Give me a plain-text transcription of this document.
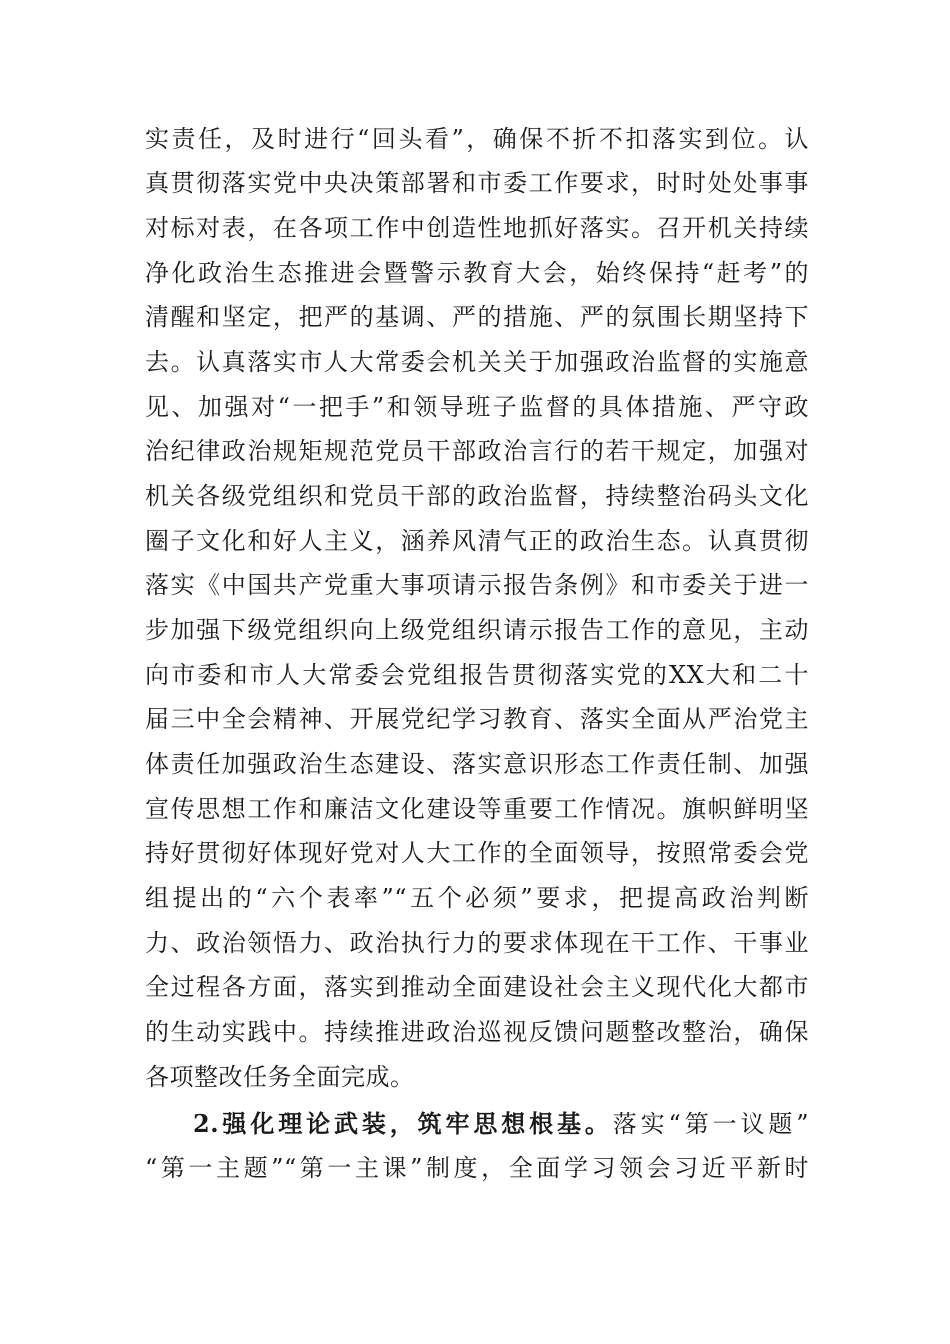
实责任，及时进行“回头看”，确保不折不扣落实到位。认
真贯彻落实党中央决策部署和市委工作要求，时时处处事事
对标对表，在各项工作中创造性地抓好落实。召开机关持续
净化政治生态推进会暨警示教育大会，始终保持“赶考”的
清醒和坚定，把严的基调、严的措施、严的氛围长期坚持下
去。认真落实市人大常委会机关关于加强政治监督的实施意
见、加强对“一把手”和领导班子监督的具体措施、严守政
治纪律政治规矩规范党员干部政治言行的若干规定，加强对
机关各级党组织和党员干部的政治监督，持续整治码头文化
圈子文化和好人主义，涵养风清气正的政治生态。认真贯彻
落实《中国共产党重大事项请示报告条例》和市委关于进一
步加强下级党组织向上级党组织请示报告工作的意见，主动
向市委和市人大常委会党组报告贯彻落实党的XX大和二十
届三中全会精神、开展党纪学习教育、落实全面从严治党主
体责任加强政治生态建设、落实意识形态工作责任制、加强
宣传思想工作和廉洁文化建设等重要工作情况。旗帜鲜明坚
持好贯彻好体现好党对人大工作的全面领导，按照常委会党
组提出的“六个表率”“五个必须”要求，把提高政治判断
力、政治领悟力、政治执行力的要求体现在干工作、干事业
全过程各方面，落实到推动全面建设社会主义现代化大都市
的生动实践中。持续推进政治巡视反馈问题整改整治，确保
各项整改任务全面完成。
2.强化理论武装，筑牢思想根基。落实“第一议题”
“第一主题”“第一主课”制度，全面学习领会习近平新时
